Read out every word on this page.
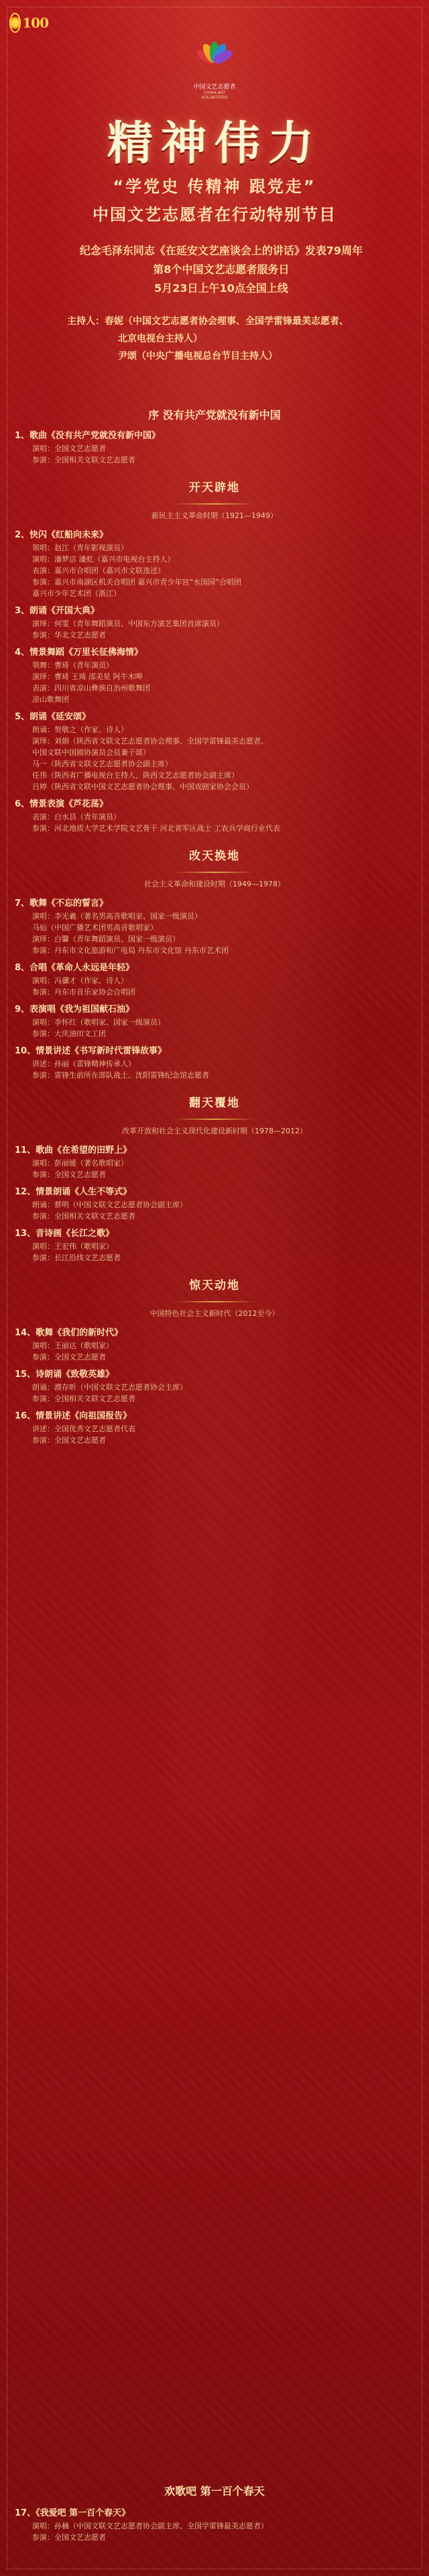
100
中国文艺志愿者
CHINA ART VOLUNTEERS
精神伟力
“学党史 传精神 跟党走”
中国文艺志愿者在行动特别节目
纪念毛泽东同志《在延安文艺座谈会上的讲话》发表79周年
第8个中国文艺志愿者服务日
5月23日上午10点全国上线
主持人： 春妮（中国文艺志愿者协会理事、全国学雷锋最美志愿者、
北京电视台主持人）
尹颂（中央广播电视总台节目主持人）
序 没有共产党就没有新中国
1、歌曲《没有共产党就没有新中国》
演唱：全国文艺志愿者
参演：全国相关文联文艺志愿者
开天辟地
新民主主义革命时期（1921—1949）
2、快闪《红船向未来》
领唱：赵江（青年影视演员）
演唱：潘梦洁 潘虹（嘉兴市电视台主持人）
表演：嘉兴市合唱团（嘉兴市文联选送）
参演：嘉兴市南湖区机关合唱团 嘉兴市青少年宫“水国园”合唱团
嘉兴市少年艺术团（浙江）
3、朗诵《开国大典》
演绎：何雯（青年舞蹈演员、中国东方演艺集团首席演员）
参演：华北文艺志愿者
4、情景舞蹈《万里长征佛海情》
领舞：曹琦（青年演员）
演绎：曹琦 王琦 邵美星 阿牛木呷
表演：四川省凉山彝族自治州歌舞团
凉山歌舞团
5、朗诵《延安颂》
朗诵：贺敬之（作家、诗人）
演绎：刘娟（陕西省文联文艺志愿者协会理事、全国学雷锋最美志愿者、
中国文联中国剧协演员会员兼干部）
马一（陕西省文联文艺志愿者协会副主席）
任伟（陕西省广播电视台主持人、陕西文艺志愿者协会副主席）
吕婷（陕西省文联中国文艺志愿者协会理事、中国戏剧家协会会员）
6、情景表演《芦花荡》
表演：白水县（青年演员）
参演：河北地质大学艺术学院文艺骨干 河北省军区战士 工农兵学商行业代表
改天换地
社会主义革命和建设时期（1949—1978）
7、歌舞《不忘的誓言》
演唱：李光羲（著名男高音歌唱家、国家一级演员）
马仙（中国广播艺术团男高音歌唱家）
演绎：白馨（青年舞蹈演员、国家一级演员）
参演：丹东市文化旅游和广电局 丹东市文化馆 丹东市艺术团
8、合唱《革命人永远是年轻》
演唱：冯骥才（作家、诗人）
参演：丹东市音乐家协会合唱团
9、表演唱《我为祖国献石油》
演唱：李怀红（歌唱家、国家一级演员）
参演：大庆油田文工团
10、情景讲述《书写新时代雷锋故事》
讲述：孙丽（雷锋精神传承人）
参演：雷锋生前所在部队战士、沈阳雷锋纪念馆志愿者
翻天覆地
改革开放和社会主义现代化建设新时期（1978—2012）
11、歌曲《在希望的田野上》
演唱：彭丽媛（著名歌唱家）
参演：全国文艺志愿者
12、情景朗诵《人生不等式》
朗诵：蔡明（中国文联文艺志愿者协会副主席）
参演：全国相关文联文艺志愿者
13、音诗画《长江之歌》
演唱：王宏伟（歌唱家）
参演：长江沿线文艺志愿者
惊天动地
中国特色社会主义新时代（2012至今）
14、歌舞《我们的新时代》
演唱：王丽达（歌唱家）
参演：全国文艺志愿者
15、诗朗诵《致敬英雄》
朗诵：濮存昕（中国文联文艺志愿者协会主席）
参演：全国相关文联文艺志愿者
16、情景讲述《向祖国报告》
讲述：全国优秀文艺志愿者代表
参演：全国文艺志愿者
欢歌吧 第一百个春天
17、《我爱吧 第一百个春天》
演唱：孙楠（中国文联文艺志愿者协会副主席、全国学雷锋最美志愿者）
参演：全国文艺志愿者
